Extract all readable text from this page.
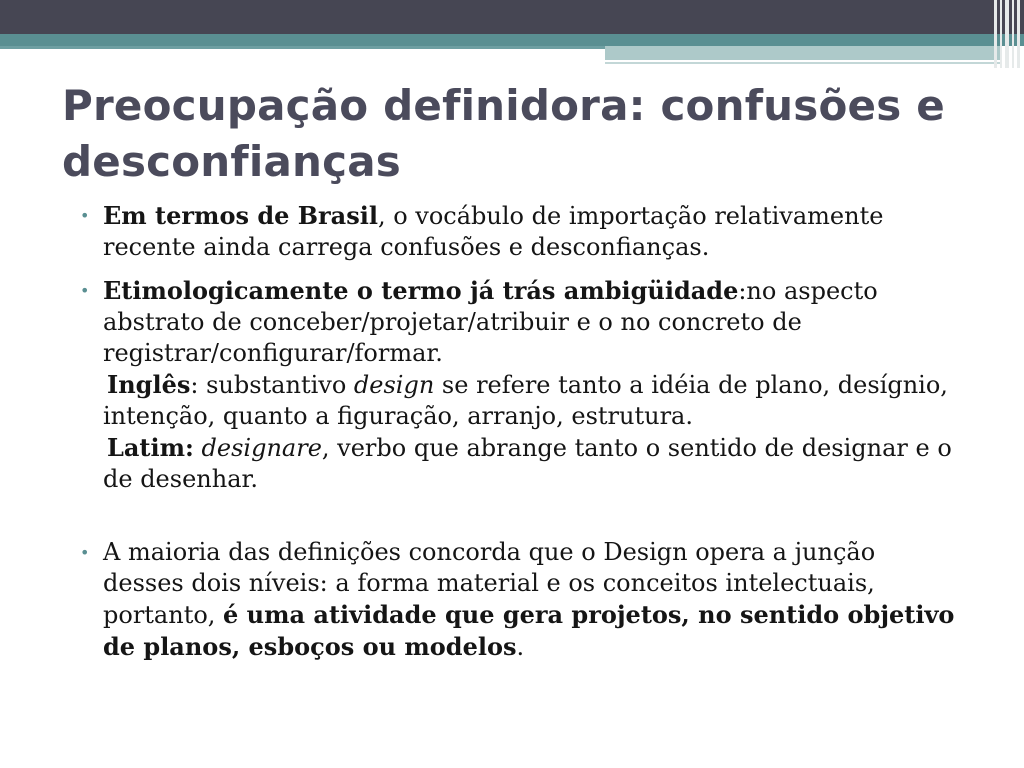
Preocupação definidora: confusões e desconfianças
• Em termos de Brasil, o vocábulo de importação relativamente recente ainda carrega confusões e desconfianças.
• Etimologicamente o termo já trás ambigüidade:no aspecto abstrato de conceber/projetar/atribuir e o no concreto de registrar/configurar/formar.
Inglês: substantivo design se refere tanto a idéia de plano, desígnio, intenção, quanto a figuração, arranjo, estrutura.
Latim: designare, verbo que abrange tanto o sentido de designar e o de desenhar.
• A maioria das definições concorda que o Design opera a junção desses dois níveis: a forma material e os conceitos intelectuais, portanto, é uma atividade que gera projetos, no sentido objetivo de planos, esboços ou modelos.
